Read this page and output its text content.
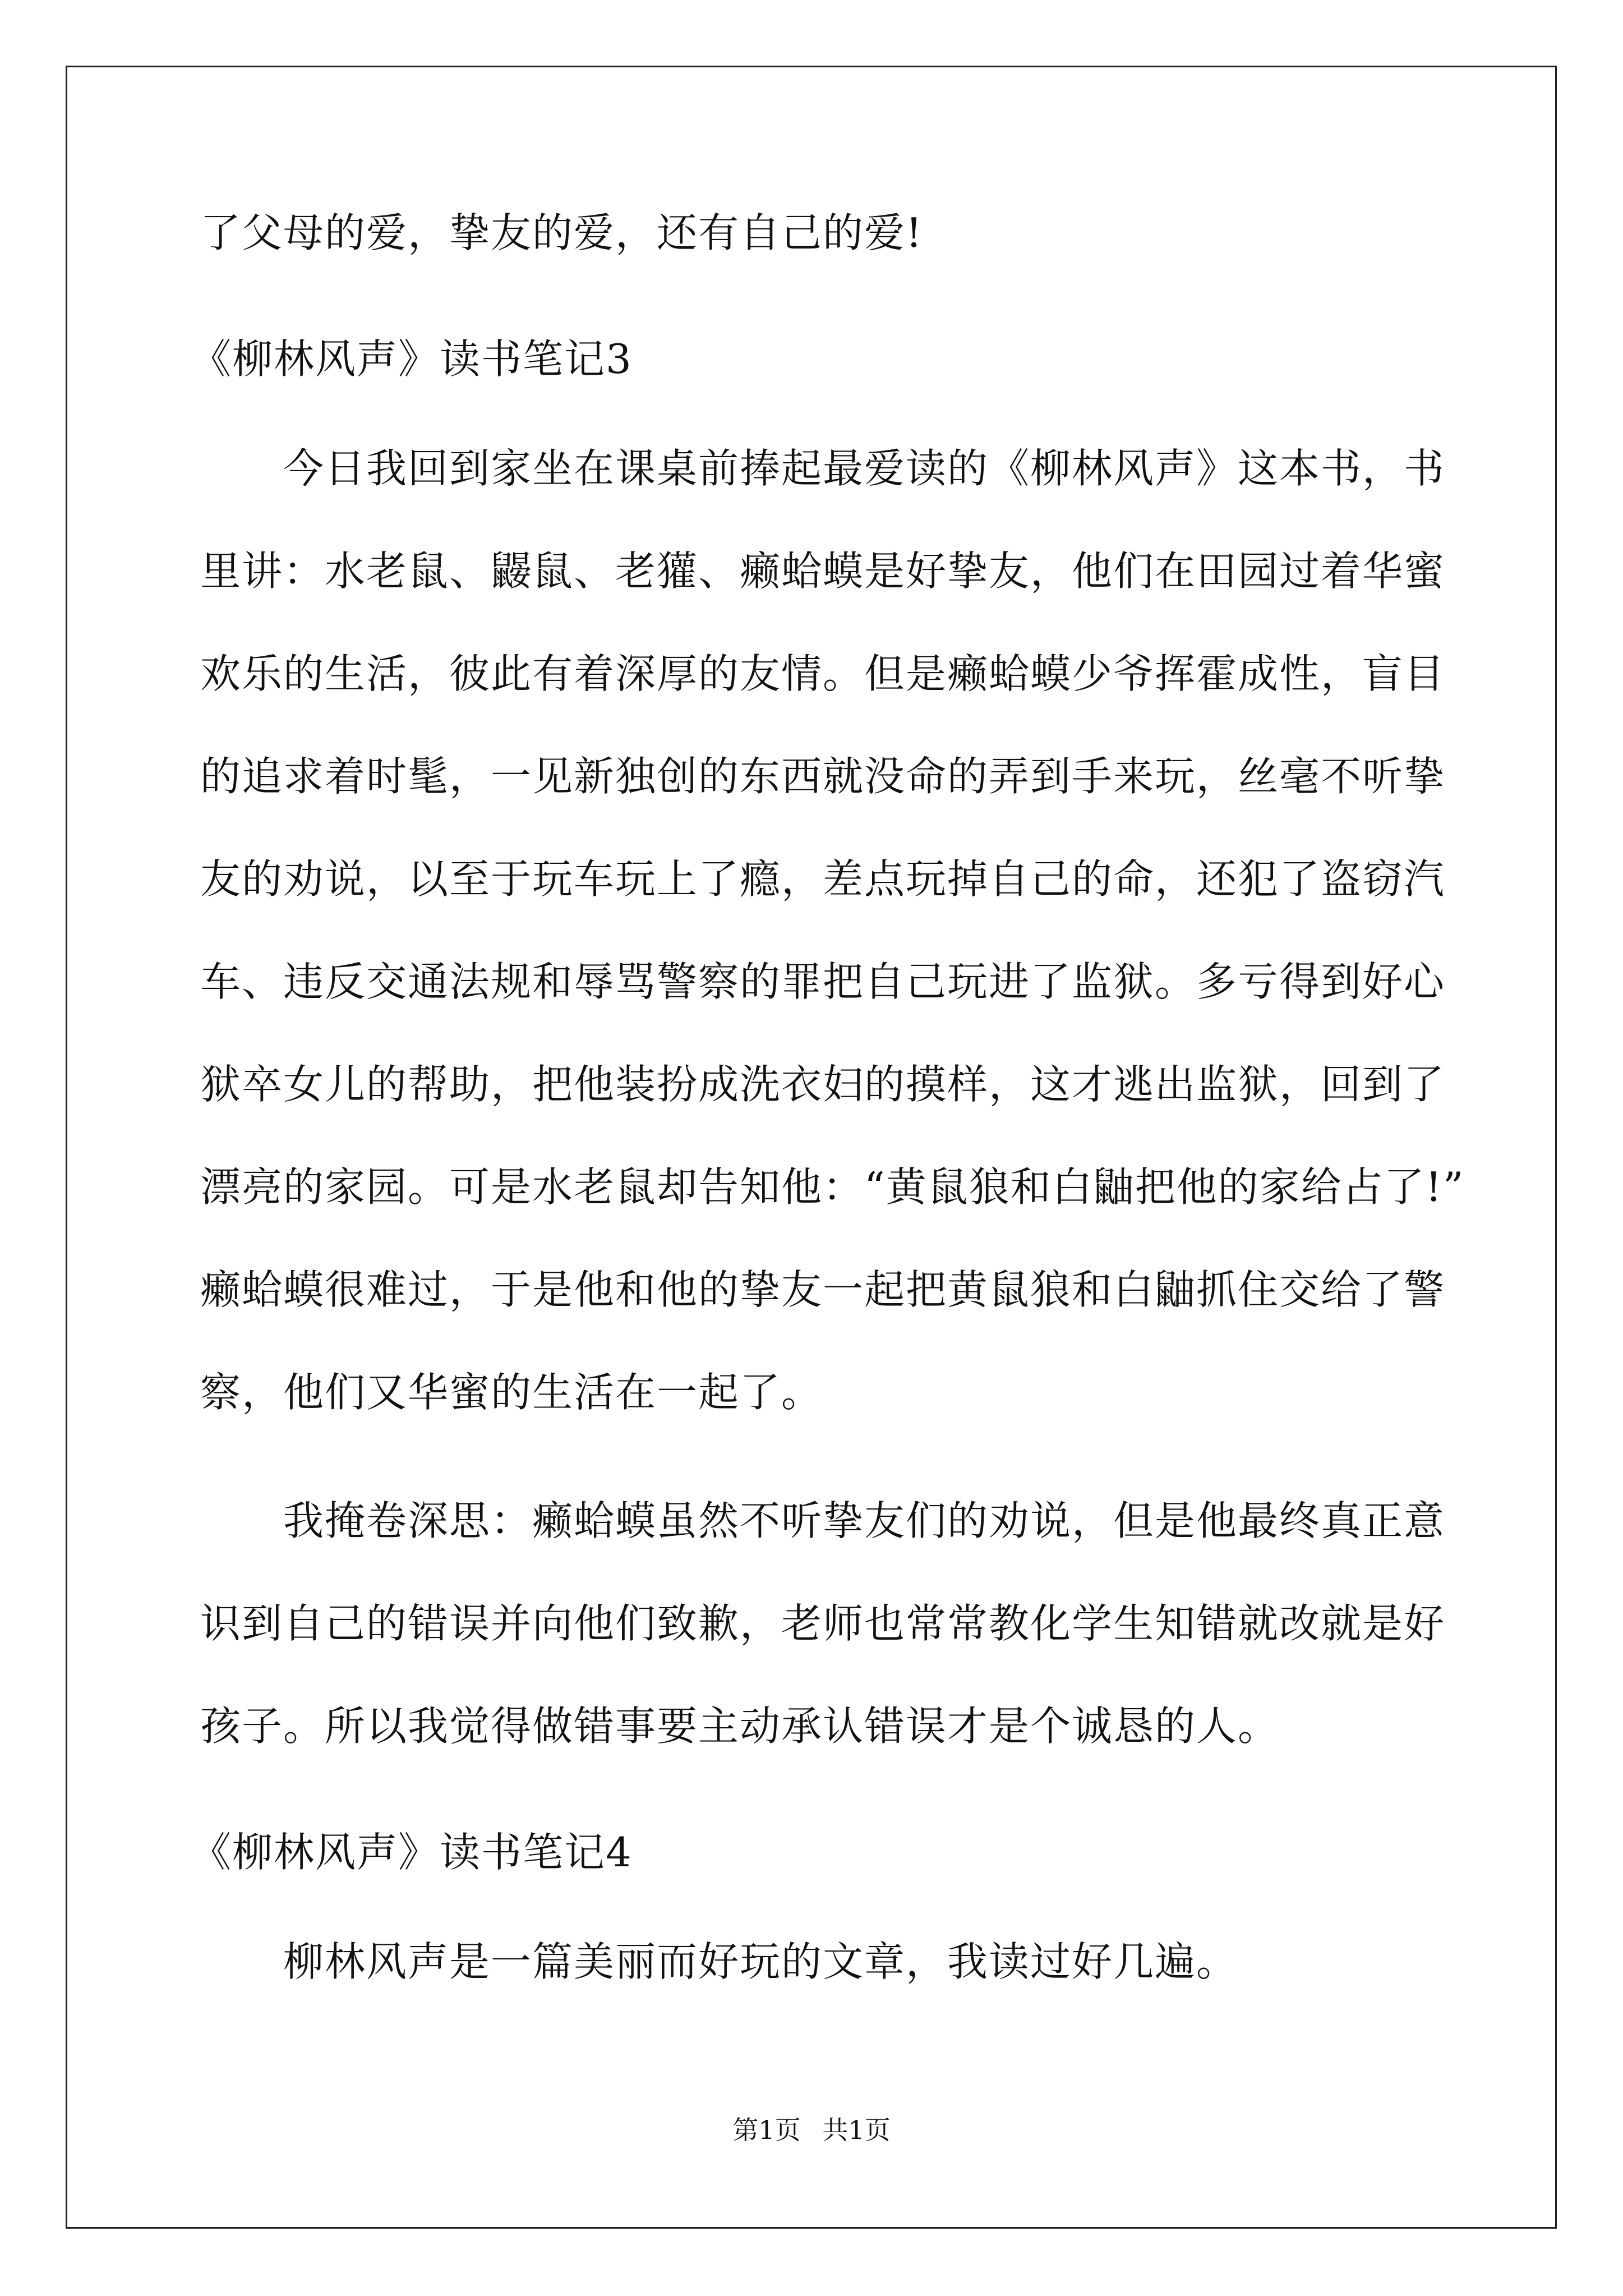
了父母的爱，挚友的爱，还有自己的爱!
《柳林风声》读书笔记3
　　今日我回到家坐在课桌前捧起最爱读的《柳林风声》这本书，书
里讲：水老鼠、鼹鼠、老獾、癞蛤蟆是好挚友，他们在田园过着华蜜
欢乐的生活，彼此有着深厚的友情。但是癞蛤蟆少爷挥霍成性，盲目
的追求着时髦，一见新独创的东西就没命的弄到手来玩，丝毫不听挚
友的劝说，以至于玩车玩上了瘾，差点玩掉自己的命，还犯了盗窃汽
车、违反交通法规和辱骂警察的罪把自己玩进了监狱。多亏得到好心
狱卒女儿的帮助，把他装扮成洗衣妇的摸样，这才逃出监狱，回到了
漂亮的家园。可是水老鼠却告知他：“黄鼠狼和白鼬把他的家给占了!”
癞蛤蟆很难过，于是他和他的挚友一起把黄鼠狼和白鼬抓住交给了警
察，他们又华蜜的生活在一起了。
　　我掩卷深思：癞蛤蟆虽然不听挚友们的劝说，但是他最终真正意
识到自己的错误并向他们致歉，老师也常常教化学生知错就改就是好
孩子。所以我觉得做错事要主动承认错误才是个诚恳的人。
《柳林风声》读书笔记4
　　柳林风声是一篇美丽而好玩的文章，我读过好几遍。
第1页 共1页
